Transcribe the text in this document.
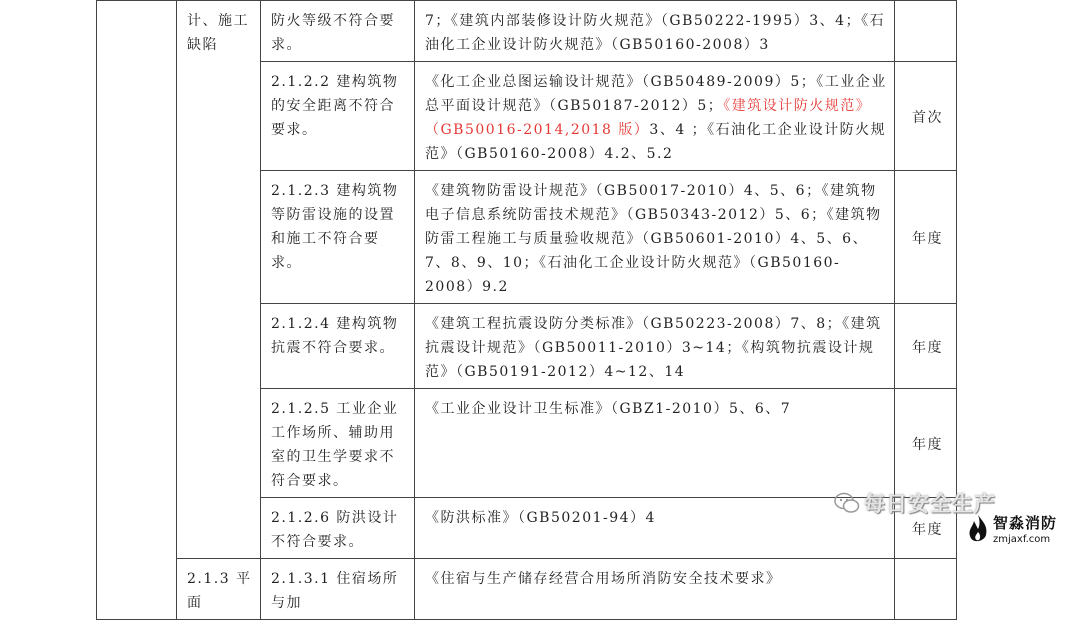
	计、施工缺陷	防火等级不符合要求。	7；《建筑内部装修设计防火规范》（GB50222-1995）3、4；《石油化工企业设计防火规范》（GB50160-2008）3	
		2.1.2.2 建构筑物的安全距离不符合要求。	《化工企业总图运输设计规范》（GB50489-2009）5；《工业企业总平面设计规范》（GB50187-2012）5；《建筑设计防火规范》（GB50016-2014,2018 版）3、4 ；《石油化工企业设计防火规范》（GB50160-2008）4.2、5.2	首次
		2.1.2.3 建构筑物等防雷设施的设置和施工不符合要求。	《建筑物防雷设计规范》（GB50017-2010）4、5、6；《建筑物电子信息系统防雷技术规范》（GB50343-2012）5、6；《建筑物防雷工程施工与质量验收规范》（GB50601-2010）4、5、6、7、8、9、10；《石油化工企业设计防火规范》（GB50160-2008）9.2	年度
		2.1.2.4 建构筑物抗震不符合要求。	《建筑工程抗震设防分类标准》（GB50223-2008）7、8；《建筑抗震设计规范》（GB50011-2010）3~14；《构筑物抗震设计规范》（GB50191-2012）4~12、14	年度
		2.1.2.5 工业企业工作场所、辅助用室的卫生学要求不符合要求。	《工业企业设计卫生标准》（GBZ1-2010）5、6、7	年度
		2.1.2.6 防洪设计不符合要求。	《防洪标准》（GB50201-94）4	年度
	2.1.3 平面	2.1.3.1 住宿场所与加	《住宿与生产储存经营合用场所消防安全技术要求》	
每日安全生产
智淼消防
zmjaxf.com
